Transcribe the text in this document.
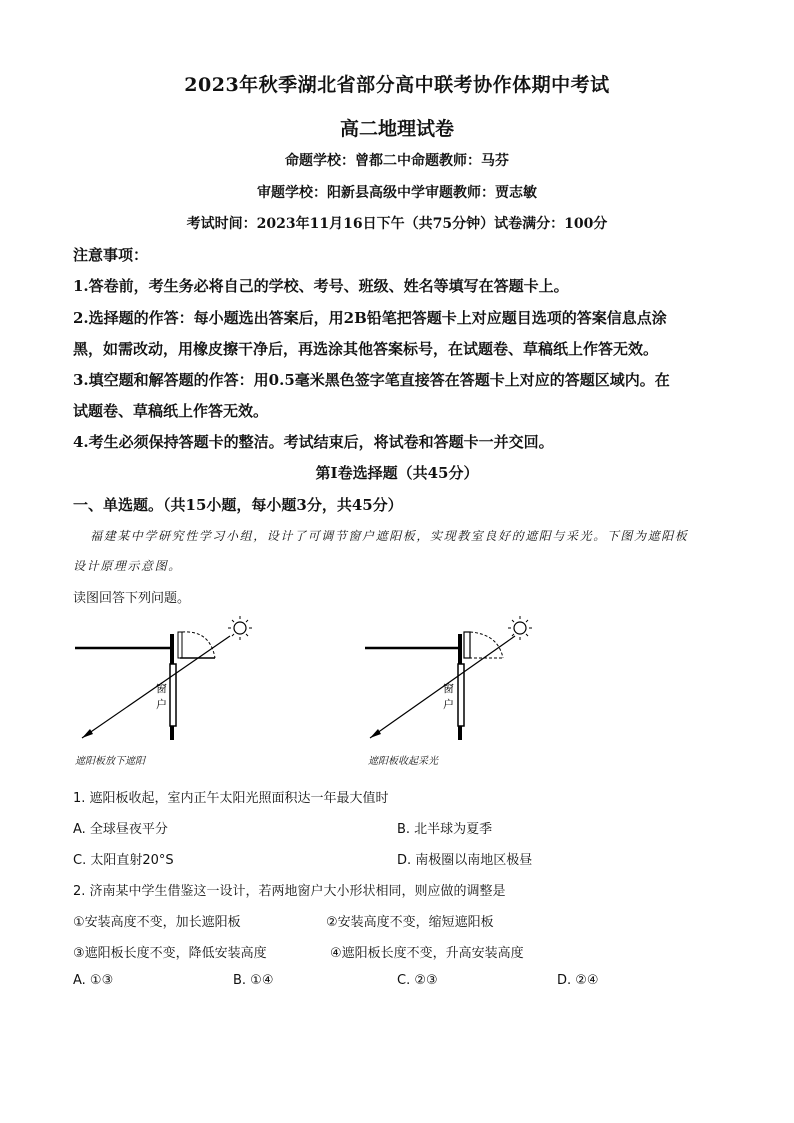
2023年秋季湖北省部分高中联考协作体期中考试
高二地理试卷
命题学校：曾都二中命题教师：马芬
审题学校：阳新县高级中学审题教师：贾志敏
考试时间：2023年11月16日下午（共75分钟）试卷满分：100分
注意事项：
1.答卷前，考生务必将自己的学校、考号、班级、姓名等填写在答题卡上。
2.选择题的作答：每小题选出答案后，用2B铅笔把答题卡上对应题目选项的答案信息点涂
黑，如需改动，用橡皮擦干净后，再选涂其他答案标号，在试题卷、草稿纸上作答无效。
3.填空题和解答题的作答：用0.5毫米黑色签字笔直接答在答题卡上对应的答题区域内。在
试题卷、草稿纸上作答无效。
4.考生必须保持答题卡的整洁。考试结束后，将试卷和答题卡一并交回。
第Ⅰ卷选择题（共45分）
一、单选题。（共15小题，每小题3分，共45分）
福建某中学研究性学习小组，设计了可调节窗户遮阳板，实现教室良好的遮阳与采光。下图为遮阳板
设计原理示意图。
读图回答下列问题。
窗
户
窗
户
遮阳板放下遮阳	遮阳板收起采光
1. 遮阳板收起，室内正午太阳光照面积达一年最大值时
A. 全球昼夜平分	B. 北半球为夏季
C. 太阳直射20°S	D. 南极圈以南地区极昼
2. 济南某中学生借鉴这一设计，若两地窗户大小形状相同，则应做的调整是
①安装高度不变，加长遮阳板	②安装高度不变，缩短遮阳板
③遮阳板长度不变，降低安装高度	④遮阳板长度不变，升高安装高度
A. ①③	B. ①④	C. ②③	D. ②④
